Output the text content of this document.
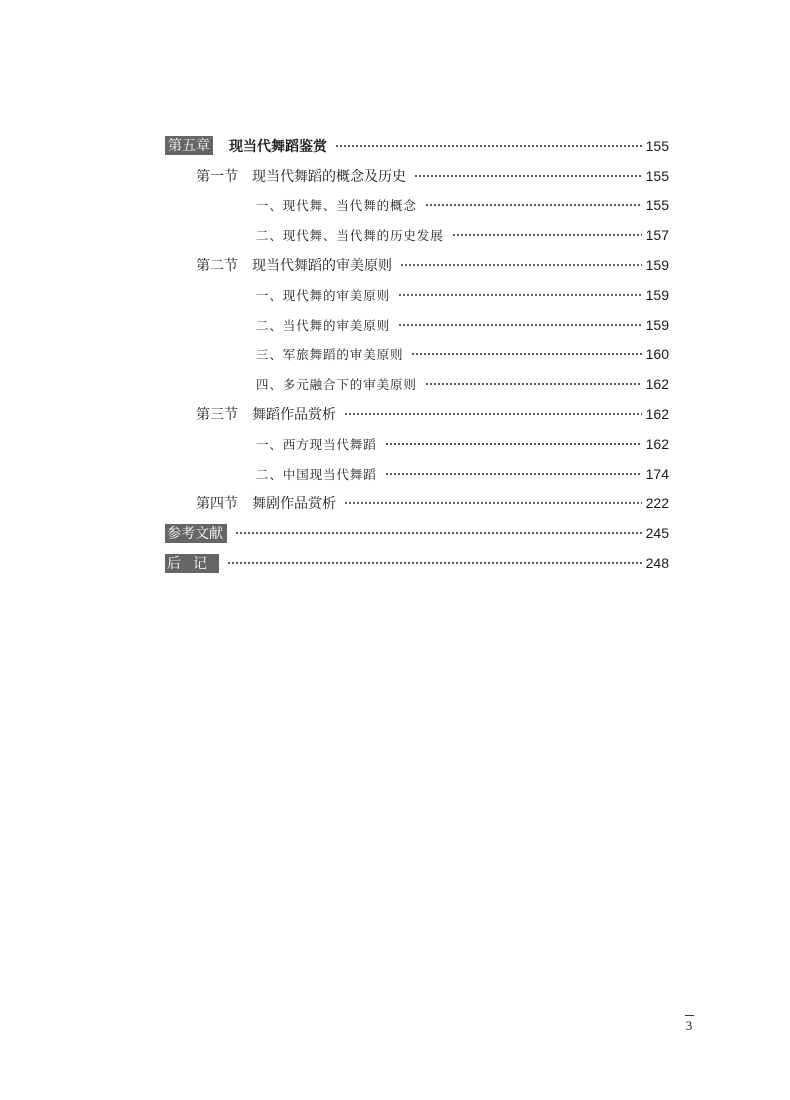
第五章 现当代舞蹈鉴赏	155
第一节 现当代舞蹈的概念及历史	155
一、现代舞、当代舞的概念	155
二、现代舞、当代舞的历史发展	157
第二节 现当代舞蹈的审美原则	159
一、现代舞的审美原则	159
二、当代舞的审美原则	159
三、军旅舞蹈的审美原则	160
四、多元融合下的审美原则	162
第三节 舞蹈作品赏析	162
一、西方现当代舞蹈	162
二、中国现当代舞蹈	174
第四节 舞剧作品赏析	222
参考文献	245
后记	248
3
